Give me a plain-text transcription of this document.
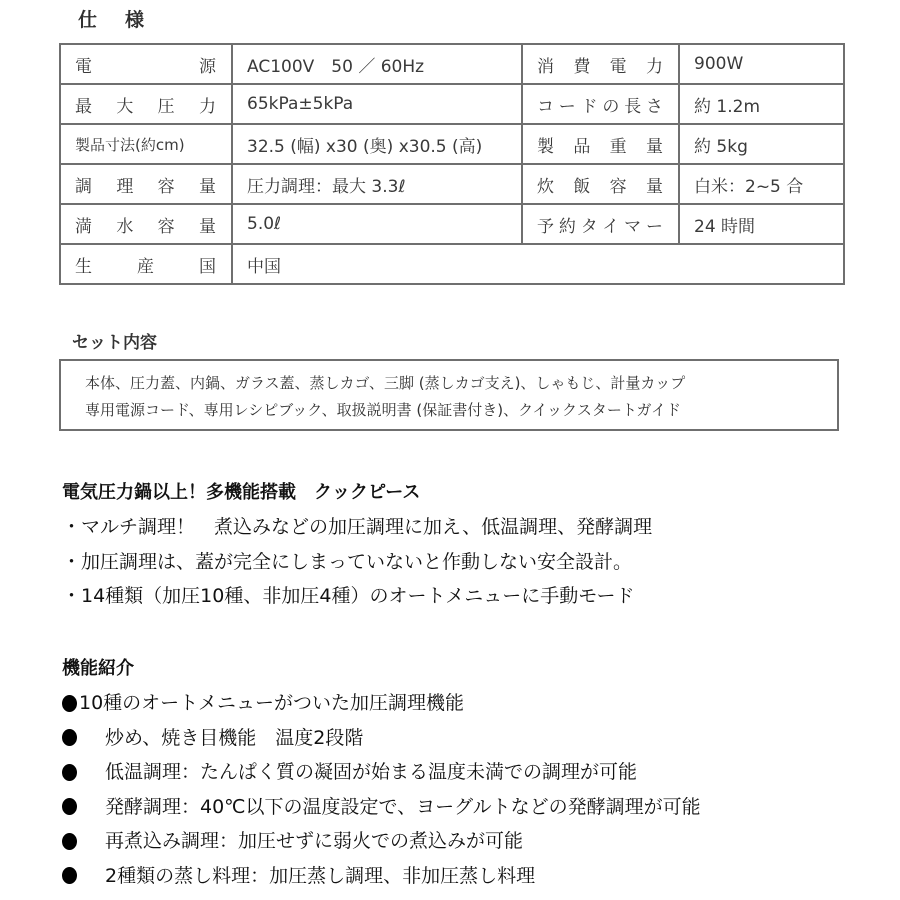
仕様
電源	AC100V　50 ／ 60Hz	消費電力	900W
最大圧力	65kPa±5kPa	コードの長さ	約 1.2m
製品寸法(約cm)	32.5 (幅) x30 (奥) x30.5 (高)	製品重量	約 5kg
調理容量	圧力調理：最大 3.3ℓ	炊飯容量	白米：2~5 合
満水容量	5.0ℓ	予約タイマー	24 時間
生産国	中国		
セット内容
本体、圧力蓋、内鍋、ガラス蓋、蒸しカゴ、三脚 (蒸しカゴ支え)、しゃもじ、計量カップ
専用電源コード、専用レシピブック、取扱説明書 (保証書付き)、クイックスタートガイド
電気圧力鍋以上！多機能搭載　クックピース
・マルチ調理！　煮込みなどの加圧調理に加え、低温調理、発酵調理
・加圧調理は、蓋が完全にしまっていないと作動しない安全設計。
・14種類（加圧10種、非加圧4種）のオートメニューに手動モード
機能紹介
10種のオートメニューがついた加圧調理機能
炒め、焼き目機能　温度2段階
低温調理：たんぱく質の凝固が始まる温度未満での調理が可能
発酵調理：40℃以下の温度設定で、ヨーグルトなどの発酵調理が可能
再煮込み調理：加圧せずに弱火での煮込みが可能
2種類の蒸し料理：加圧蒸し調理、非加圧蒸し料理
